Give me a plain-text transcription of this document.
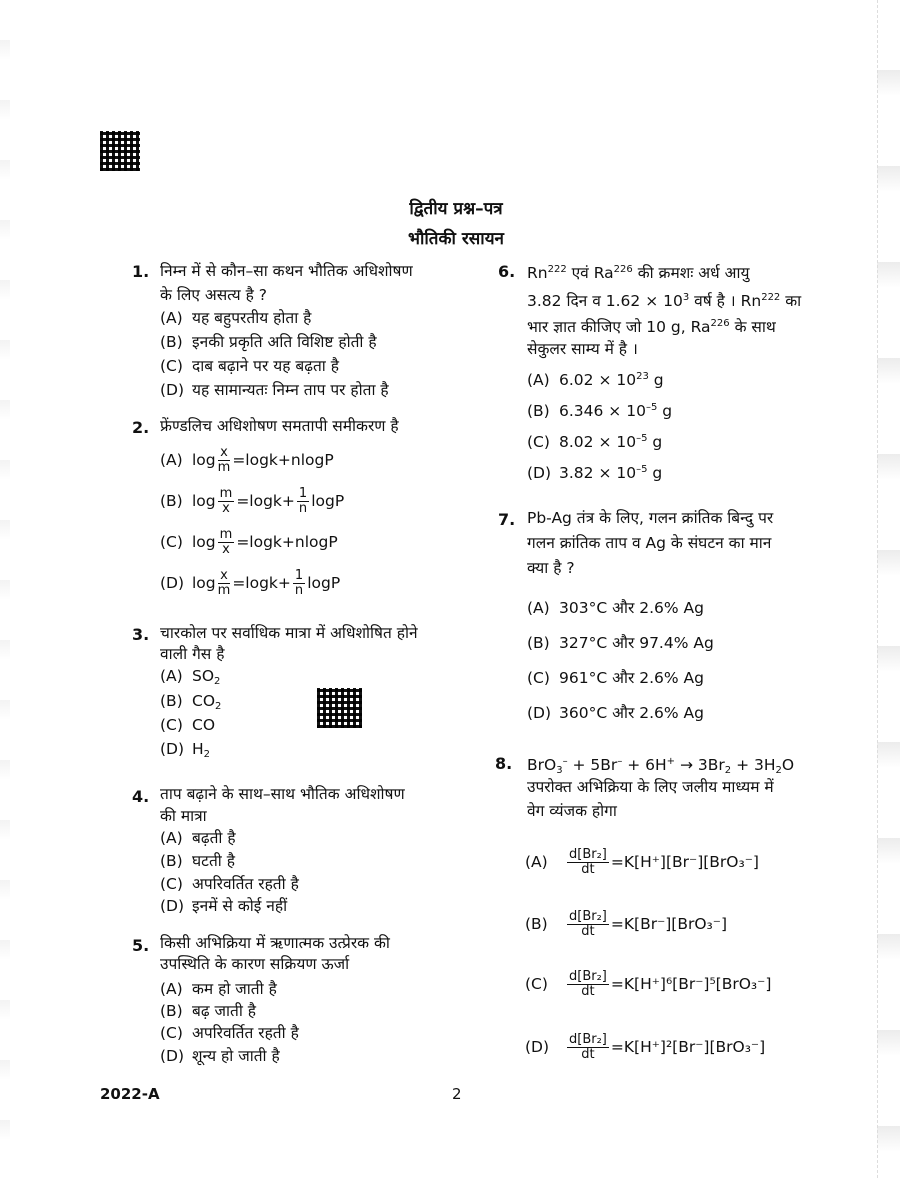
द्वितीय प्रश्न–पत्र
भौतिकी रसायन
1. निम्न में से कौन–सा कथन भौतिक अधिशोषण
के लिए असत्य है ?
(A) यह बहुपरतीय होता है
(B) इनकी प्रकृति अति विशिष्ट होती है
(C) दाब बढ़ाने पर यह बढ़ता है
(D) यह सामान्यतः निम्न ताप पर होता है
2. फ्रेंण्डलिच अधिशोषण समतापी समीकरण है
(A) $\log \frac{x}{m} =\log k+nlogP$
(B) $\log \frac{m}{x} =\log k+ \frac{1}{n}$ logP
(C) $\log \frac{m}{x} =\log k+nlogP$
(D) $\log \frac{x}{m} =\log k+ \frac{1}{n}$ logP
3. चारकोल पर सर्वाधिक मात्रा में अधिशोषित होने
वाली गैस है
(A) $SO_2$
(B) $CO_2$
(C) CO
(D) $H_2$
4. ताप बढ़ाने के साथ–साथ भौतिक अधिशोषण
की मात्रा
(A) बढ़ती है
(B) घटती है
(C) अपरिवर्तित रहती है
(D) इनमें से कोई नहीं
5. किसी अभिक्रिया में ऋणात्मक उत्प्रेरक की
उपस्थिति के कारण सक्रियण ऊर्जा
(A) कम हो जाती है
(B) बढ़ जाती है
(C) अपरिवर्तित रहती है
(D) शून्य हो जाती है
6. Rn$^{222}$ एवं Ra$^{226}$ की क्रमशः अर्ध आयु
3.82 दिन व $1.62 \times 10^3$ वर्ष है । Rn$^{222}$ का
भार ज्ञात कीजिए जो 10 g, Ra$^{226}$ के साथ
सेकुलर साम्य में है ।
(A) $6.02 \times 10^{23}$ g
(B) $6.346 \times 10^{-5}$ g
(C) $8.02 \times 10^{-5}$ g
(D) $3.82 \times 10^{-5}$ g
7. Pb-Ag तंत्र के लिए, गलन क्रांतिक बिन्दु पर
गलन क्रांतिक ताप व Ag के संघटन का मान
क्या है ?
(A) 303°C और 2.6% Ag
(B) 327°C और 97.4% Ag
(C) 961°C और 2.6% Ag
(D) 360°C और 2.6% Ag
8. $BrO_3^- + 5Br^- + 6H^+ \to 3Br_2 + 3H_2O$
उपरोक्त अभिक्रिया के लिए जलीय माध्यम में
वेग व्यंजक होगा
$(A) \frac{\text{d[Br₂]}}{dt} =K[H^+][Br^-][BrO_3^-]$
$(B) \frac{\text{d[Br₂]}}{dt} =K[Br^-][BrO_3^-]$
$(C) \frac{\text{d[Br₂]}}{dt} =K[H^+]^6[Br^-]^5[BrO_3^-]$
$(D) \frac{\text{d[Br₂]}}{dt} =K[H^+]^2[Br^-][BrO_3^-]$
2022-A	2
